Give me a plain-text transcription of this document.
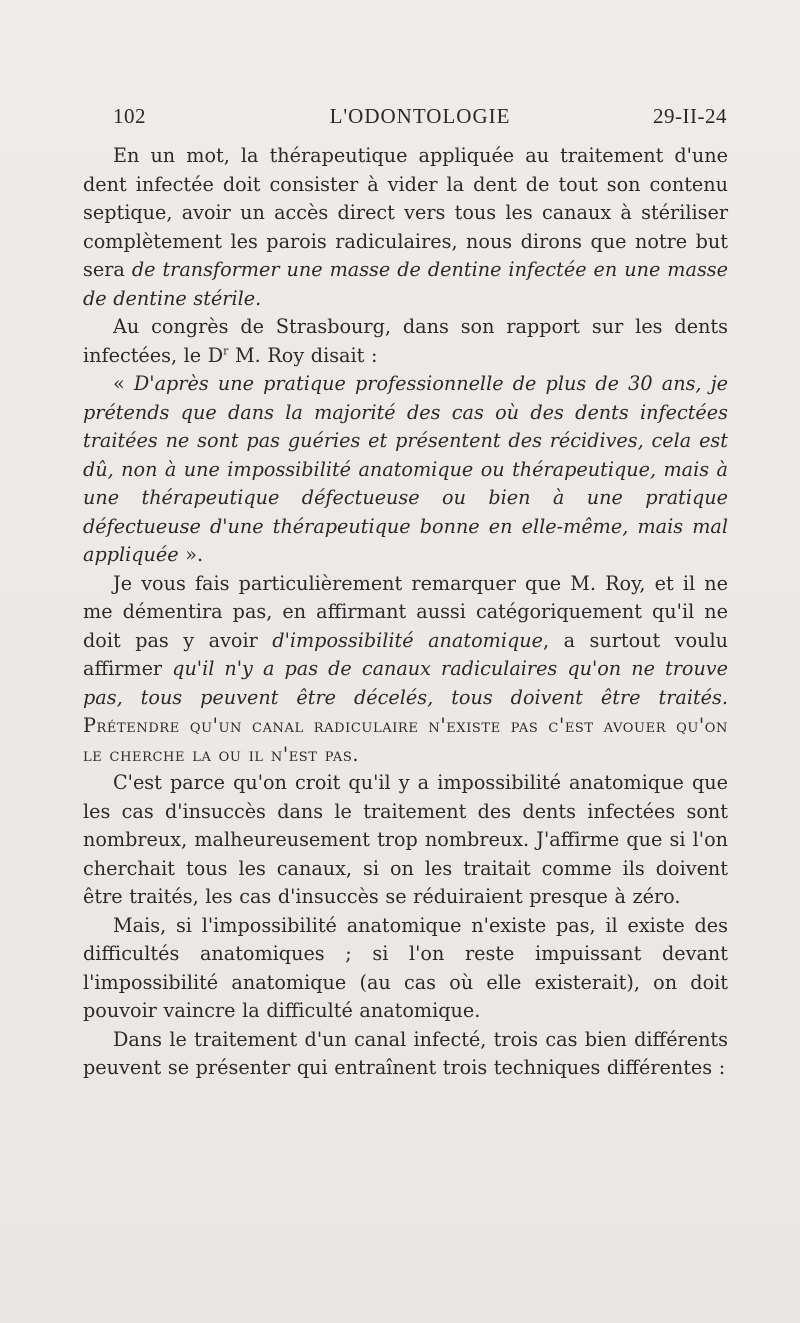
102	L'ODONTOLOGIE	29-II-24

En un mot, la thérapeutique appliquée au traitement d'une dent infectée doit consister à vider la dent de tout son contenu septique, avoir un accès direct vers tous les canaux à stériliser complètement les parois radiculaires, nous dirons que notre but sera de transformer une masse de dentine infectée en une masse de dentine stérile.

Au congrès de Strasbourg, dans son rapport sur les dents infectées, le $D^r$ M. Roy disait :

« D'après une pratique professionnelle de plus de 30 ans, je prétends que dans la majorité des cas où des dents infectées traitées ne sont pas guéries et présentent des récidives, cela est dû, non à une impossibilité anatomique ou thérapeutique, mais à une thérapeutique défectueuse ou bien à une pratique défectueuse d'une thérapeutique bonne en elle-même, mais mal appliquée ».

Je vous fais particulièrement remarquer que M. Roy, et il ne me démentira pas, en affirmant aussi catégoriquement qu'il ne doit pas y avoir d'impossibilité anatomique, a surtout voulu affirmer qu'il n'y a pas de canaux radiculaires qu'on ne trouve pas, tous peuvent être décelés, tous doivent être traités. Prétendre qu'un canal radiculaire n'existe pas c'est avouer qu'on le cherche la ou il n'est pas.

C'est parce qu'on croit qu'il y a impossibilité anatomique que les cas d'insuccès dans le traitement des dents infectées sont nombreux, malheureusement trop nombreux. J'affirme que si l'on cherchait tous les canaux, si on les traitait comme ils doivent être traités, les cas d'insuccès se réduiraient presque à zéro.

Mais, si l'impossibilité anatomique n'existe pas, il existe des difficultés anatomiques ; si l'on reste impuissant devant l'impossibilité anatomique (au cas où elle existerait), on doit pouvoir vaincre la difficulté anatomique.

Dans le traitement d'un canal infecté, trois cas bien différents peuvent se présenter qui entraînent trois techniques différentes :
